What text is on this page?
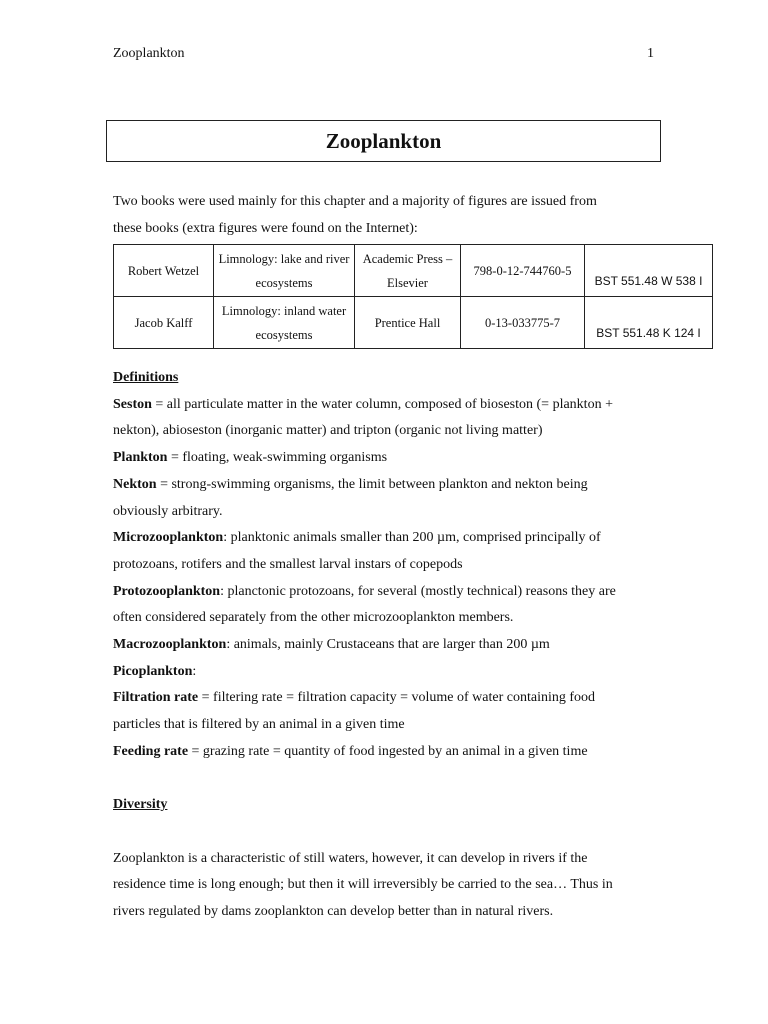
Zooplankton	1
Zooplankton
Two books were used mainly for this chapter and a majority of figures are issued from
these books (extra figures were found on the Internet):
Robert Wetzel	Limnology: lake and river ecosystems	Academic Press – Elsevier	798-0-12-744760-5	BST 551.48 W 538 I
Jacob Kalff	Limnology: inland water ecosystems	Prentice Hall	0-13-033775-7	BST 551.48 K 124 I

Definitions

Seston = all particulate matter in the water column, composed of bioseston (= plankton +

nekton), abioseston (inorganic matter) and tripton (organic not living matter)

Plankton = floating, weak-swimming organisms

Nekton = strong-swimming organisms, the limit between plankton and nekton being

obviously arbitrary.

Microzooplankton: planktonic animals smaller than 200 µm, comprised principally of

protozoans, rotifers and the smallest larval instars of copepods

Protozooplankton: planctonic protozoans, for several (mostly technical) reasons they are

often considered separately from the other microzooplankton members.

Macrozooplankton: animals, mainly Crustaceans that are larger than 200 µm

Picoplankton:

Filtration rate = filtering rate = filtration capacity = volume of water containing food

particles that is filtered by an animal in a given time

Feeding rate = grazing rate = quantity of food ingested by an animal in a given time

Diversity

Zooplankton is a characteristic of still waters, however, it can develop in rivers if the

residence time is long enough; but then it will irreversibly be carried to the sea… Thus in

rivers regulated by dams zooplankton can develop better than in natural rivers.
